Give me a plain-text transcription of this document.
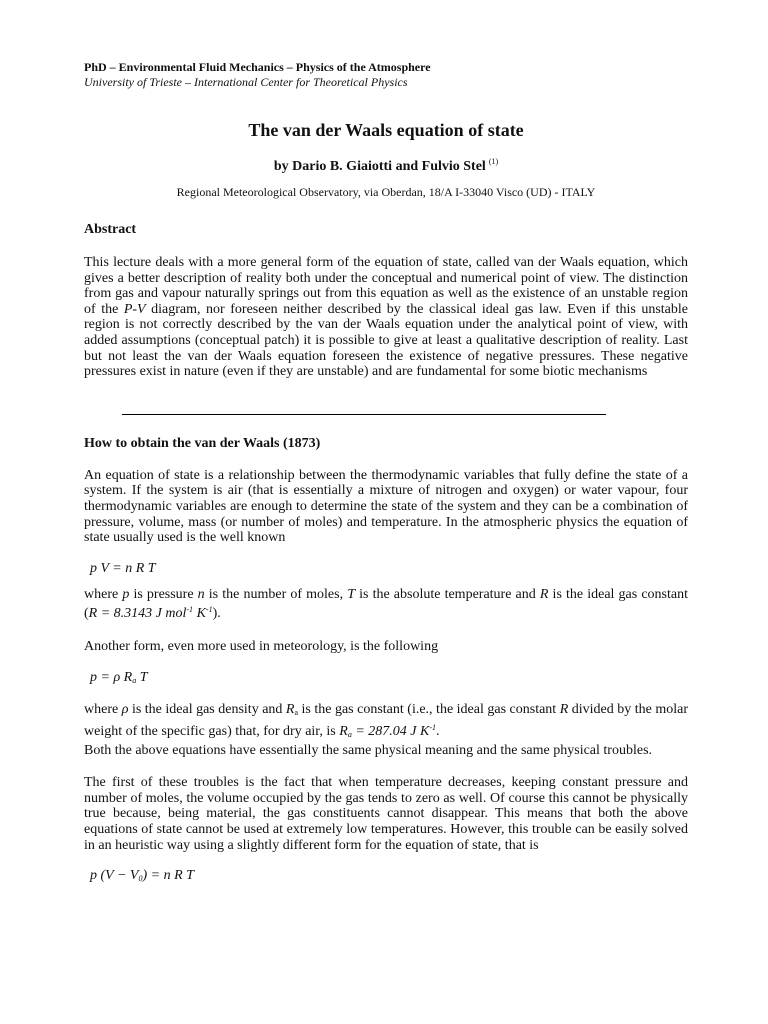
PhD – Environmental Fluid Mechanics – Physics of the Atmosphere
University of Trieste – International Center for Theoretical Physics
The van der Waals equation of state
by Dario B. Giaiotti and Fulvio Stel $^{(1)}$
Regional Meteorological Observatory, via Oberdan, 18/A I-33040 Visco (UD) - ITALY
Abstract

This lecture deals with a more general form of the equation of state, called van der Waals equation, which gives a better description of reality both under the conceptual and numerical point of view. The distinction from gas and vapour naturally springs out from this equation as well as the existence of an unstable region of the P-V diagram, nor foreseen neither described by the classical ideal gas law. Even if this unstable region is not correctly described by the van der Waals equation under the analytical point of view, with added assumptions (conceptual patch) it is possible to give at least a qualitative description of reality. Last but not least the van der Waals equation foreseen the existence of negative pressures. These negative pressures exist in nature (even if they are unstable) and are fundamental for some biotic mechanisms

How to obtain the van der Waals (1873)

An equation of state is a relationship between the thermodynamic variables that fully define the state of a system. If the system is air (that is essentially a mixture of nitrogen and oxygen) or water vapour, four thermodynamic variables are enough to determine the state of the system and they can be a combination of pressure, volume, mass (or number of moles) and temperature. In the atmospheric physics the equation of state usually used is the well known

p V = n R T

where p is pressure n is the number of moles, T is the absolute temperature and R is the ideal gas constant (R = 8.3143 J mol$^{-1}$ $K^{-1}$).

Another form, even more used in meteorology, is the following

p = ρ $R_a$ T

where ρ is the ideal gas density and $R_a$ is the gas constant (i.e., the ideal gas constant R divided by the molar weight of the specific gas) that, for dry air, is $R_a = 287.04$ J $K^{-1}$.

Both the above equations have essentially the same physical meaning and the same physical troubles.

The first of these troubles is the fact that when temperature decreases, keeping constant pressure and number of moles, the volume occupied by the gas tends to zero as well. Of course this cannot be physically true because, being material, the gas constituents cannot disappear. This means that both the above equations of state cannot be used at extremely low temperatures. However, this trouble can be easily solved in an heuristic way using a slightly different form for the equation of state, that is

p $(V - V_0) = n$ R T
